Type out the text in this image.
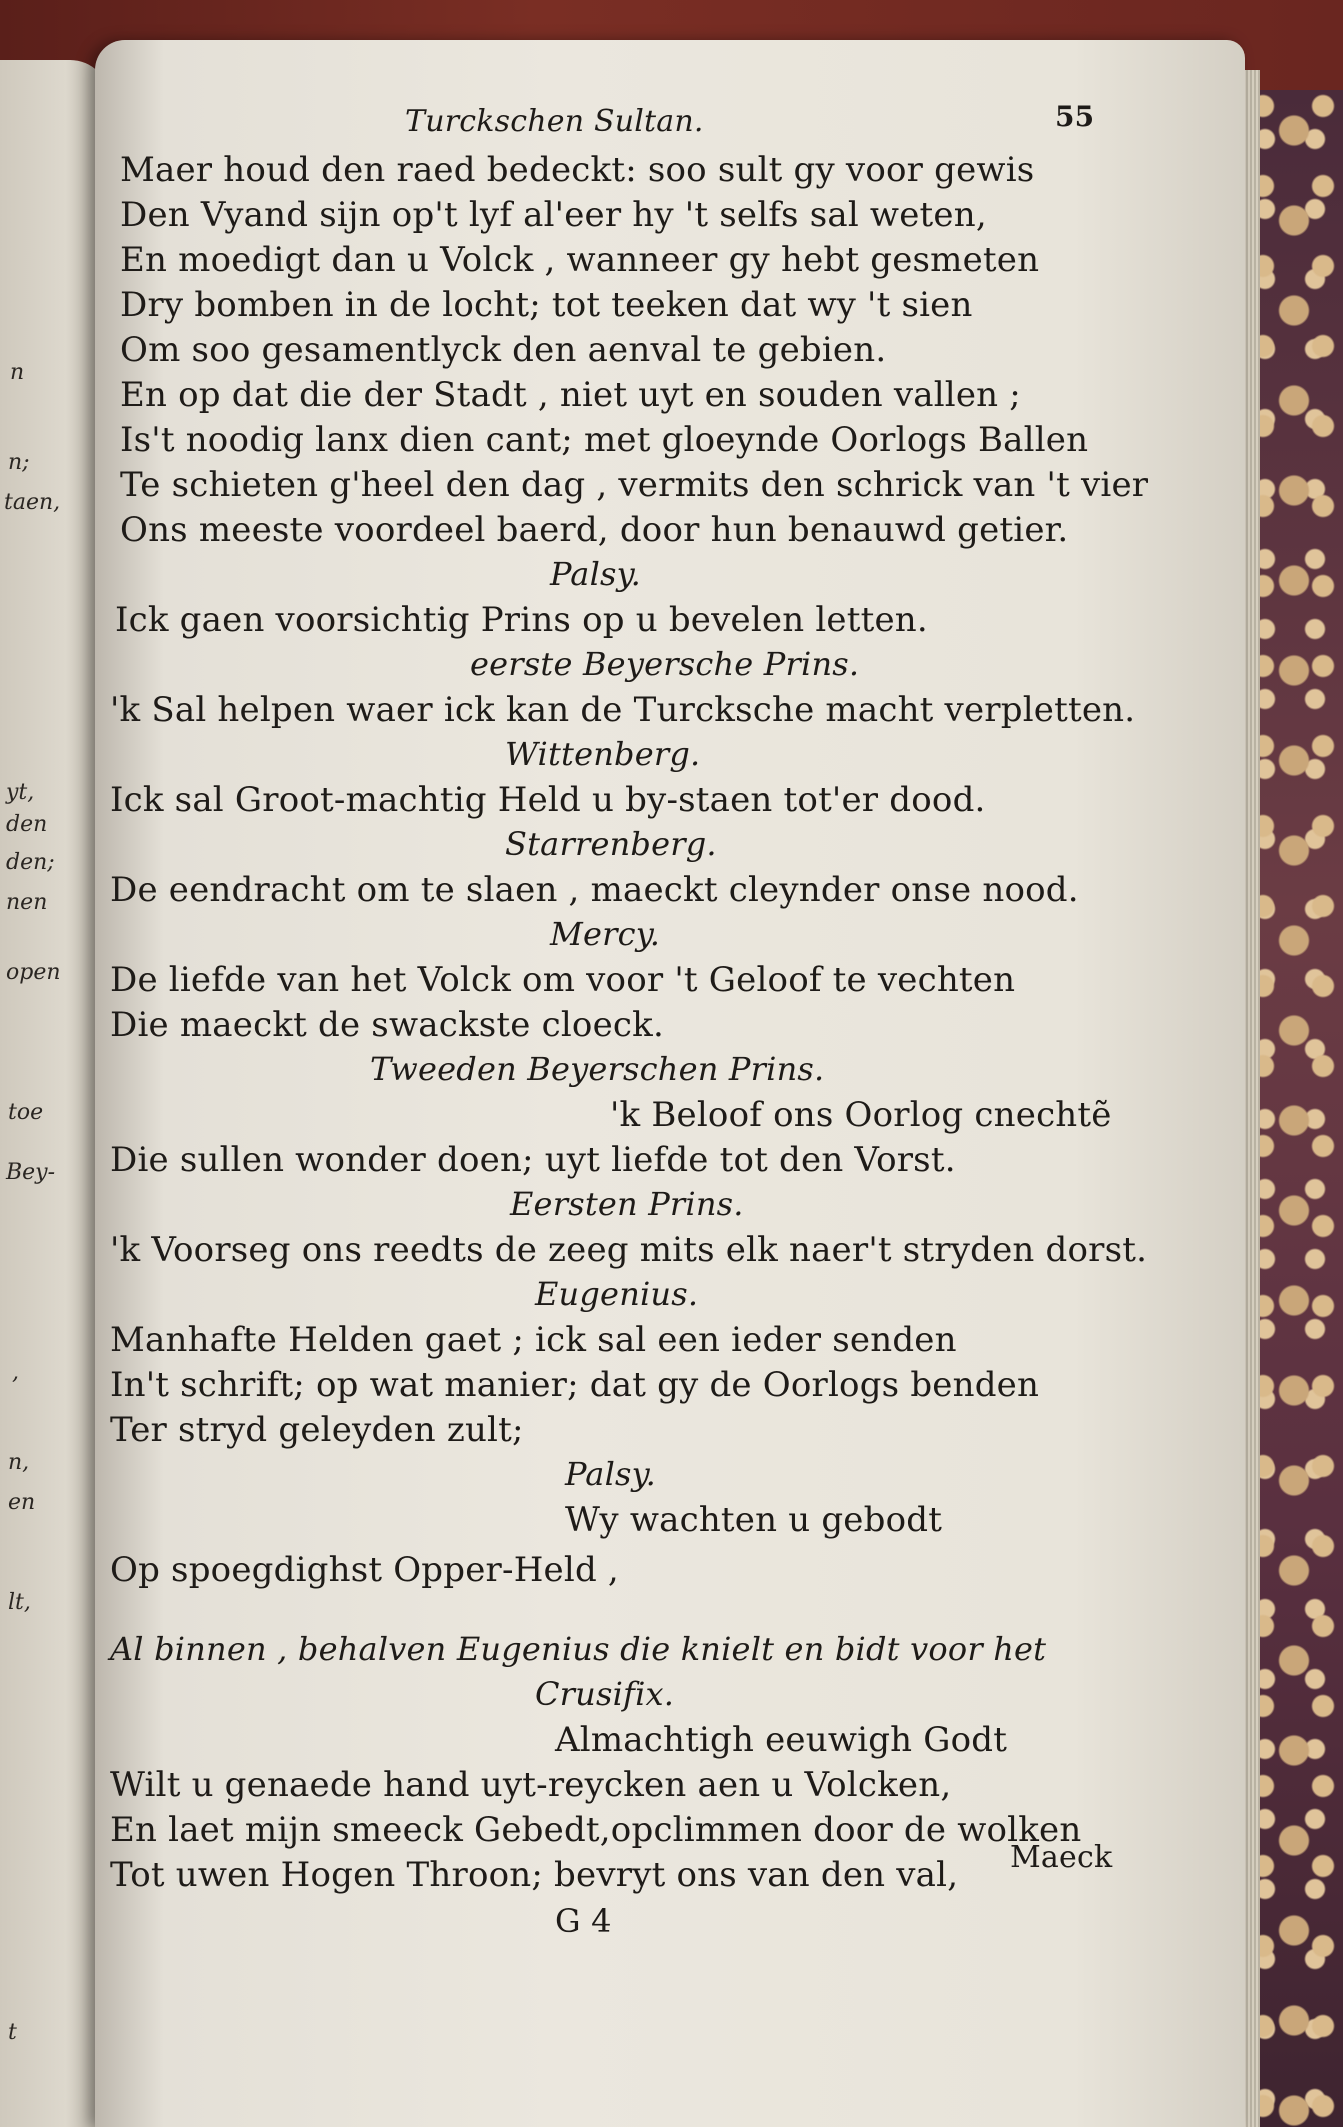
n
n;
taen,
yt,
den
den;
nen
open
toe
Bey-
,
n,
en
lt,
t
Turckschen Sultan.	55
Maer houd den raed bedeckt: soo sult gy voor gewis
Den Vyand sijn op't lyf al'eer hy 't selfs sal weten,
En moedigt dan u Volck , wanneer gy hebt gesmeten
Dry bomben in de locht; tot teeken dat wy 't sien
Om soo gesamentlyck den aenval te gebien.
En op dat die der Stadt , niet uyt en souden vallen ;
Is't noodig lanx dien cant; met gloeynde Oorlogs Ballen
Te schieten g'heel den dag , vermits den schrick van 't vier
Ons meeste voordeel baerd, door hun benauwd getier.
Palsy.
Ick gaen voorsichtig Prins op u bevelen letten.
eerste Beyersche Prins.
'k Sal helpen waer ick kan de Turcksche macht verpletten.
Wittenberg.
Ick sal Groot-machtig Held u by-staen tot'er dood.
Starrenberg.
De eendracht om te slaen , maeckt cleynder onse nood.
Mercy.
De liefde van het Volck om voor 't Geloof te vechten
Die maeckt de swackste cloeck.
Tweeden Beyerschen Prins.
'k Beloof ons Oorlog cnechtẽ
Die sullen wonder doen; uyt liefde tot den Vorst.
Eersten Prins.
'k Voorseg ons reedts de zeeg mits elk naer't stryden dorst.
Eugenius.
Manhafte Helden gaet ; ick sal een ieder senden
In't schrift; op wat manier; dat gy de Oorlogs benden
Ter stryd geleyden zult;
Palsy.
Wy wachten u gebodt
Op spoegdighst Opper-Held ,
Al binnen , behalven Eugenius die knielt en bidt voor het
Crusifix.
Almachtigh eeuwigh Godt
Wilt u genaede hand uyt-reycken aen u Volcken,
En laet mijn smeeck Gebedt,opclimmen door de wolken
Tot uwen Hogen Throon; bevryt ons van den val, Maeck
G 4
